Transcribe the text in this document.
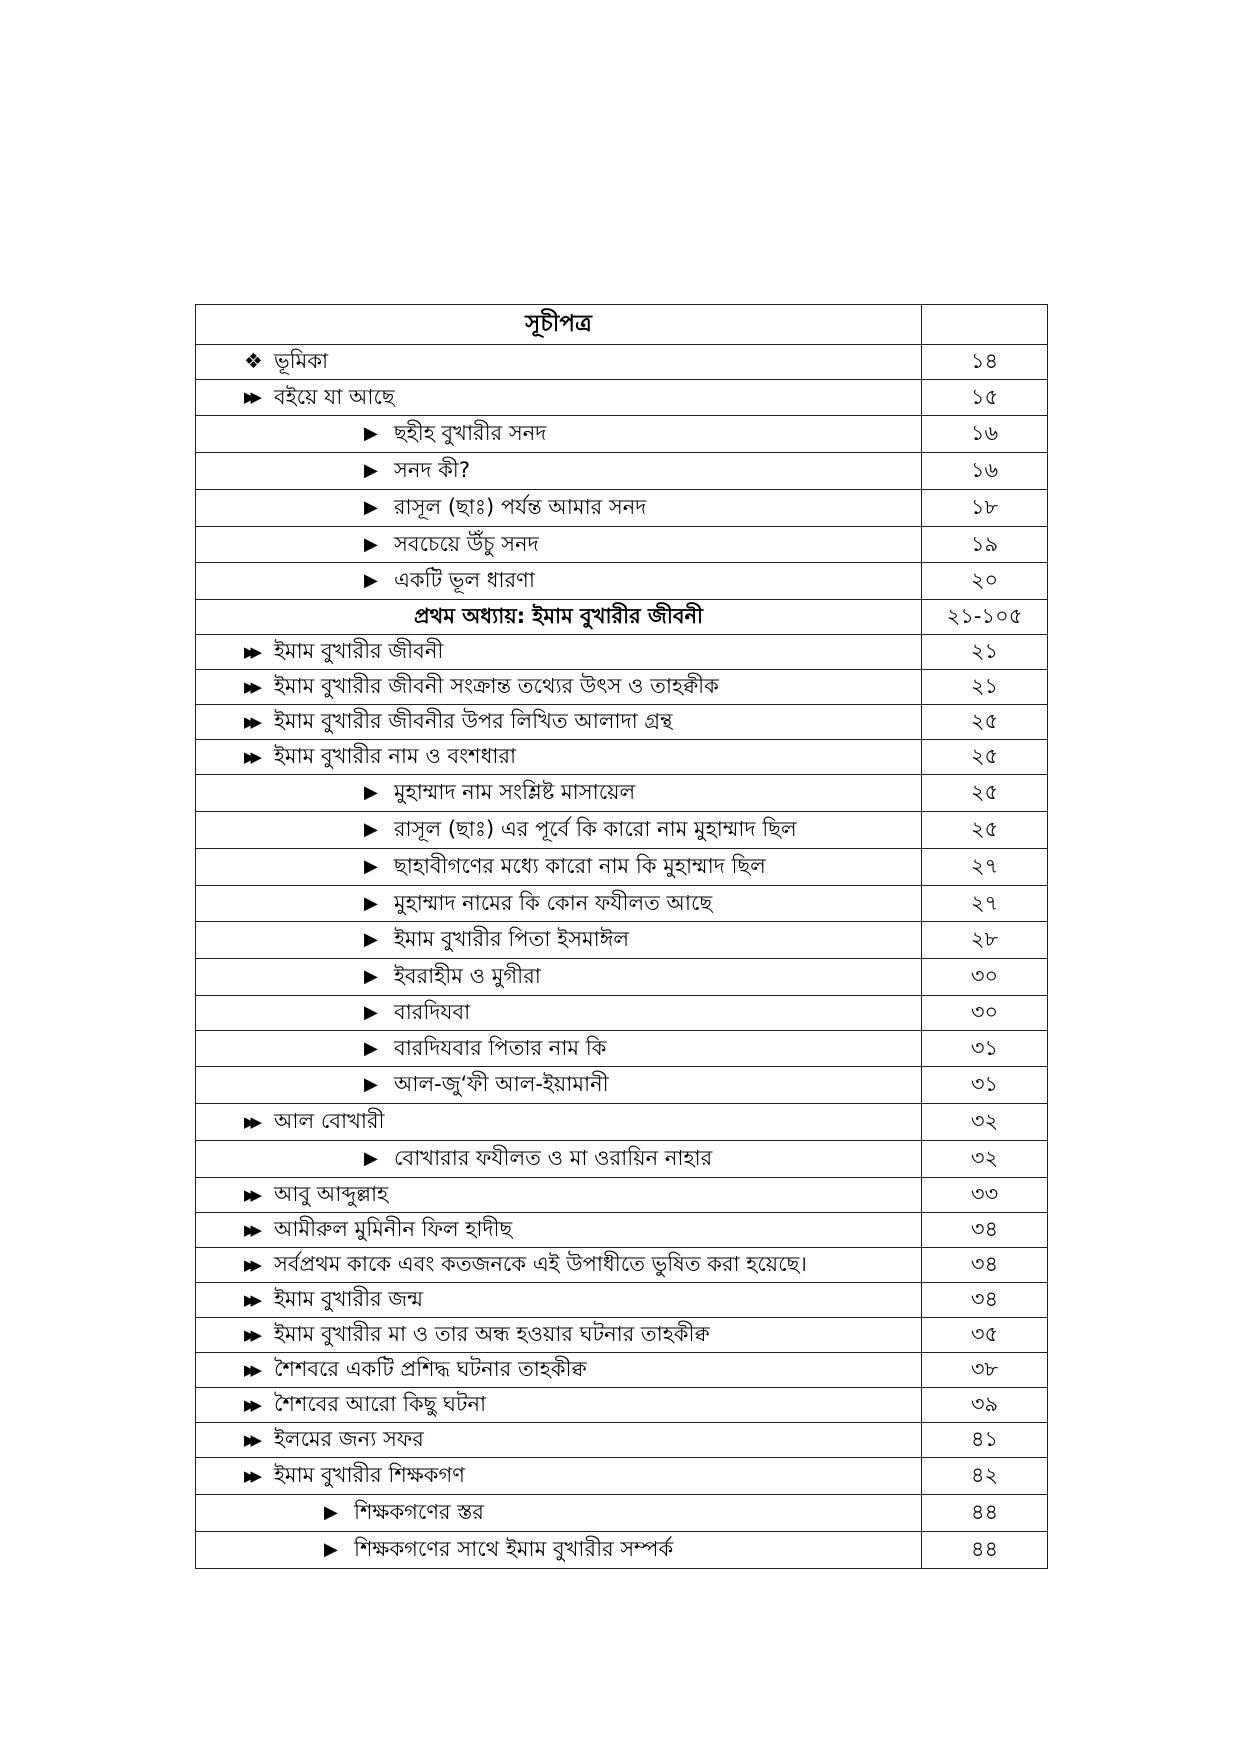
সূচীপত্র	

❖ ভূমিকা	১৪

▶▶ বইয়ে যা আছে	১৫

▶ ছহীহ বুখারীর সনদ	১৬

▶ সনদ কী?	১৬

▶ রাসূল (ছাঃ) পর্যন্ত আমার সনদ	১৮

▶ সবচেয়ে উঁচু সনদ	১৯

▶ একটি ভূল ধারণা	২০
প্রথম অধ্যায়: ইমাম বুখারীর জীবনী	২১-১০৫

▶▶ ইমাম বুখারীর জীবনী	২১

▶▶ ইমাম বুখারীর জীবনী সংক্রান্ত তথ্যের উৎস ও তাহক্বীক	২১

▶▶ ইমাম বুখারীর জীবনীর উপর লিখিত আলাদা গ্রন্থ	২৫

▶▶ ইমাম বুখারীর নাম ও বংশধারা	২৫

▶ মুহাম্মাদ নাম সংশ্লিষ্ট মাসায়েল	২৫

▶ রাসূল (ছাঃ) এর পূর্বে কি কারো নাম মুহাম্মাদ ছিল	২৫

▶ ছাহাবীগণের মধ্যে কারো নাম কি মুহাম্মাদ ছিল	২৭

▶ মুহাম্মাদ নামের কি কোন ফযীলত আছে	২৭

▶ ইমাম বুখারীর পিতা ইসমাঈল	২৮

▶ ইবরাহীম ও মুগীরা	৩০

▶ বারদিযবা	৩০

▶ বারদিযবার পিতার নাম কি	৩১

▶ আল-জু‘ফী আল-ইয়ামানী	৩১

▶▶ আল বোখারী	৩২

▶ বোখারার ফযীলত ও মা ওরায়িন নাহার	৩২

▶▶ আবু আব্দুল্লাহ	৩৩

▶▶ আমীরুল মুমিনীন ফিল হাদীছ	৩৪

▶▶ সর্বপ্রথম কাকে এবং কতজনকে এই উপাধীতে ভুষিত করা হয়েছে।	৩৪

▶▶ ইমাম বুখারীর জন্ম	৩৪

▶▶ ইমাম বুখারীর মা ও তার অন্ধ হওয়ার ঘটনার তাহকীক্ব	৩৫

▶▶ শৈশবরে একটি প্রশিদ্ধ ঘটনার তাহকীক্ব	৩৮

▶▶ শৈশবের আরো কিছু ঘটনা	৩৯

▶▶ ইলমের জন্য সফর	৪১

▶▶ ইমাম বুখারীর শিক্ষকগণ	৪২

▶ শিক্ষকগণের স্তর	৪৪

▶ শিক্ষকগণের সাথে ইমাম বুখারীর সম্পর্ক	৪৪
